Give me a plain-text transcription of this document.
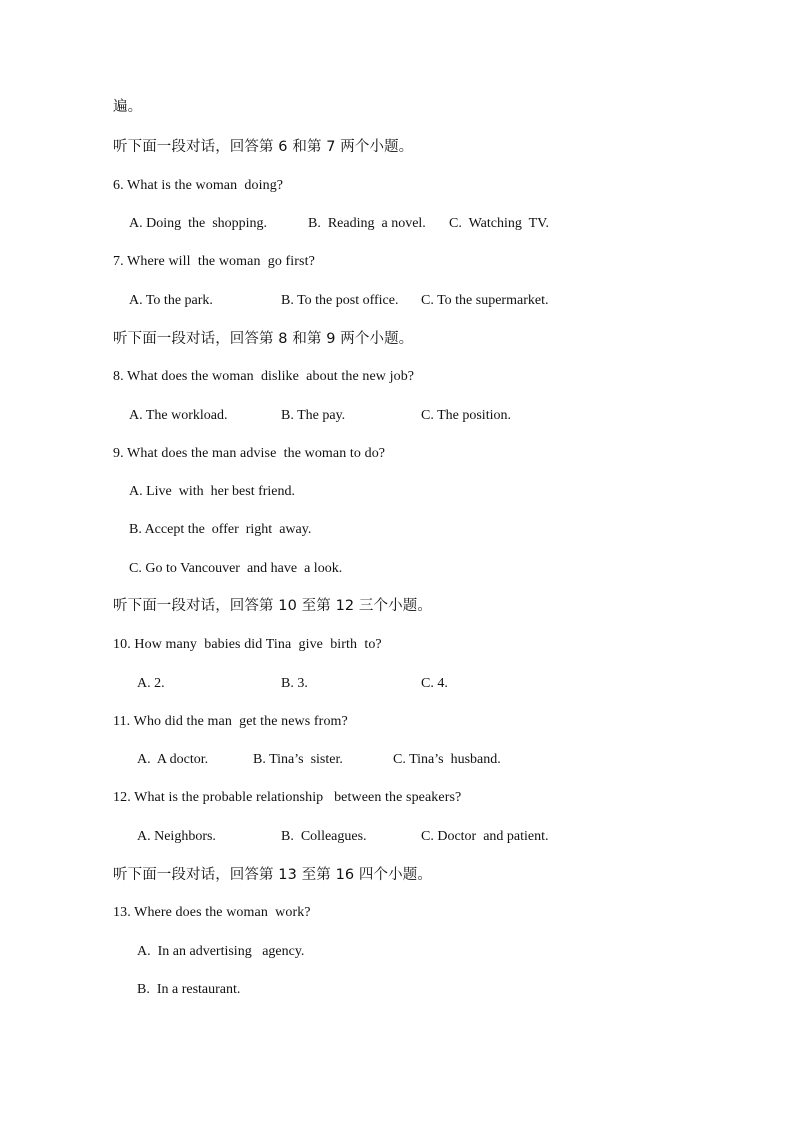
遍。
听下面一段对话，回答第 6 和第 7 两个小题。
6. What is the woman  doing?
A. Doing  the  shopping.	B.  Reading  a novel. C.  Watching  TV.
7. Where will  the woman  go first?
A. To the park.	B. To the post office. C. To the supermarket.
听下面一段对话，回答第 8 和第 9 两个小题。
8. What does the woman  dislike  about the new job?
A. The workload.	B. The pay.	C. The position.
9. What does the man advise  the woman to do?
A. Live  with  her best friend.
B. Accept the  offer  right  away.
C. Go to Vancouver  and have  a look.
听下面一段对话，回答第 10 至第 12 三个小题。
10. How many  babies did Tina  give  birth  to?
A. 2.	B. 3.	C. 4.
11. Who did the man  get the news from?
A.  A doctor.	B. Tina’s  sister.	C. Tina’s  husband.
12. What is the probable relationship   between the speakers?
A. Neighbors.	B.  Colleagues.	C. Doctor  and patient.
听下面一段对话，回答第 13 至第 16 四个小题。
13. Where does the woman  work?
A.  In an advertising   agency.
B.  In a restaurant.
